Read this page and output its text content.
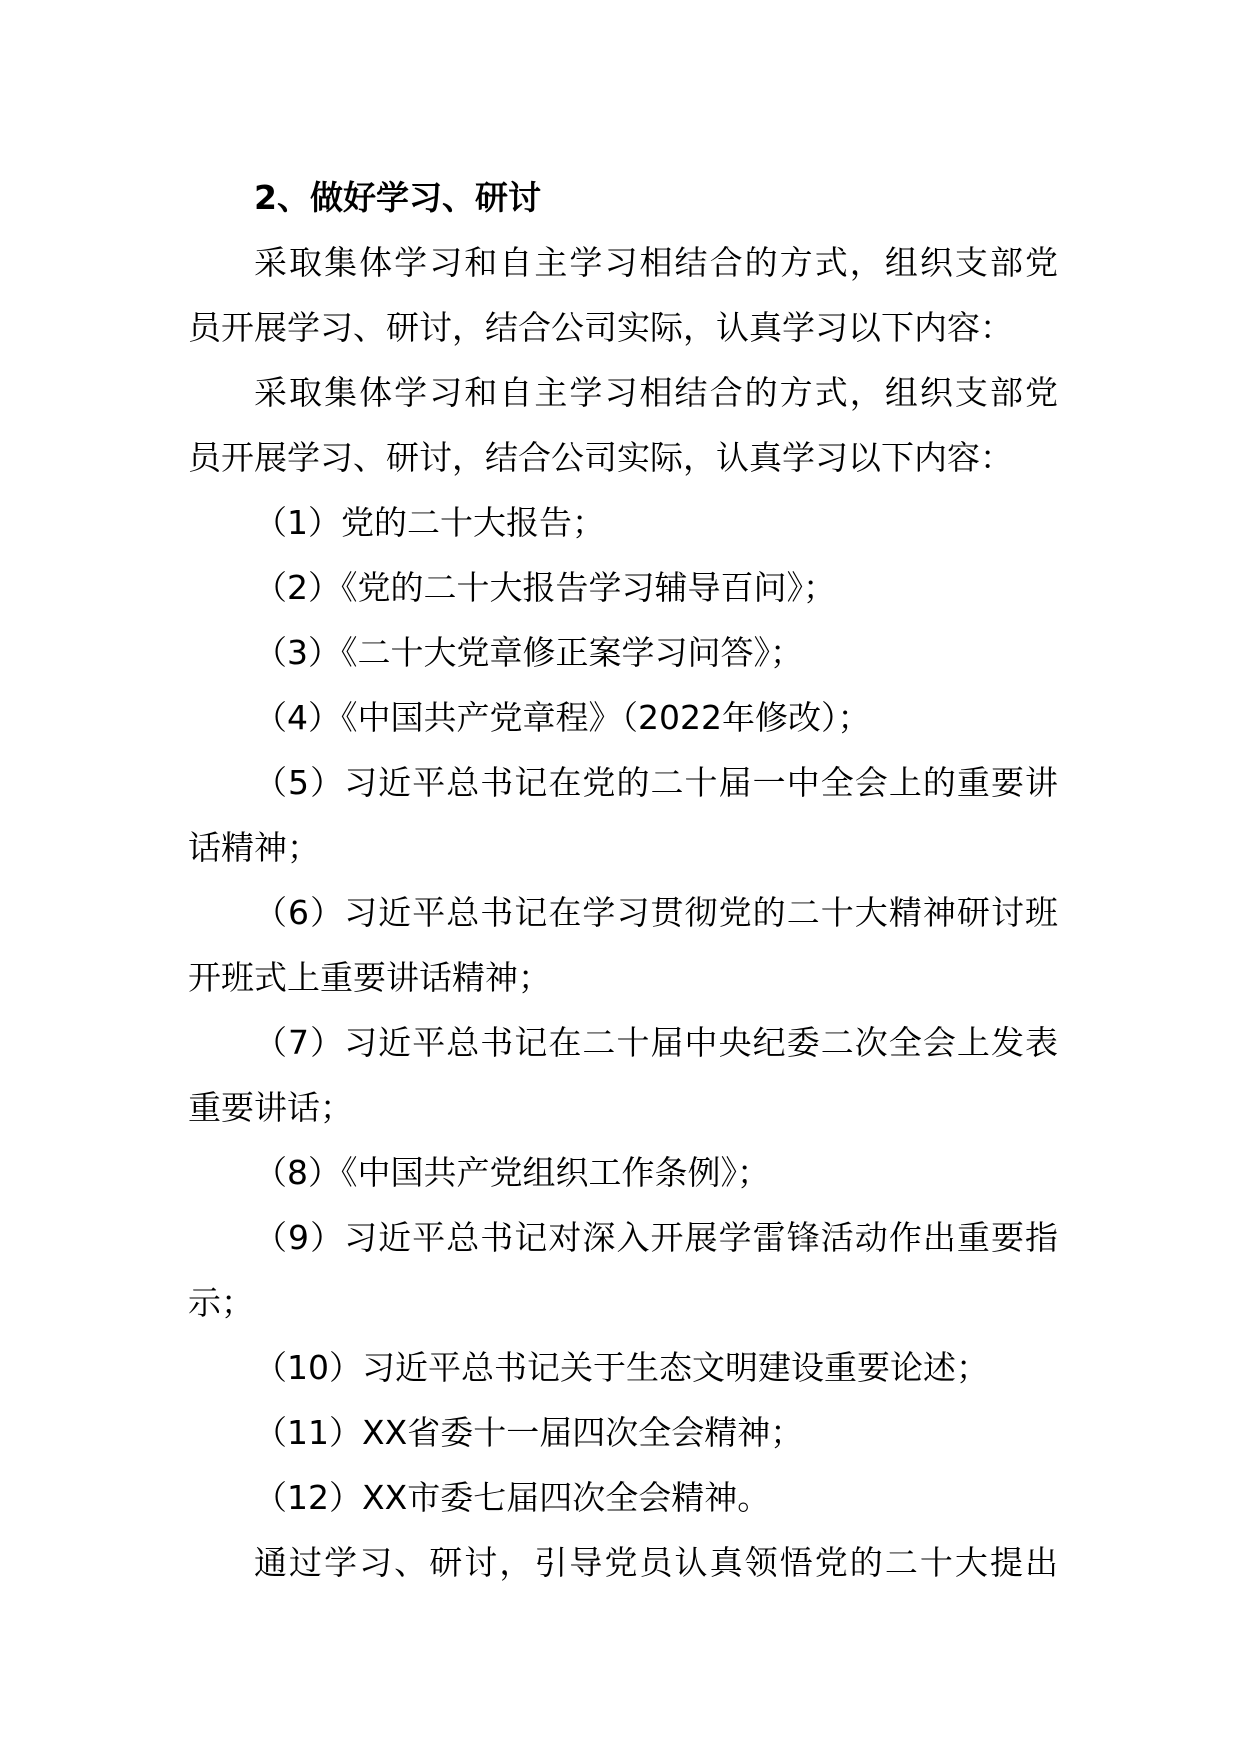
2、做好学习、研讨

采取集体学习和自主学习相结合的方式，组织支部党

员开展学习、研讨，结合公司实际，认真学习以下内容：

采取集体学习和自主学习相结合的方式，组织支部党

员开展学习、研讨，结合公司实际，认真学习以下内容：

（1）党的二十大报告；

（2）《党的二十大报告学习辅导百问》；

（3）《二十大党章修正案学习问答》；

（4）《中国共产党章程》（2022年修改）；

（5）习近平总书记在党的二十届一中全会上的重要讲

话精神；

（6）习近平总书记在学习贯彻党的二十大精神研讨班

开班式上重要讲话精神；

（7）习近平总书记在二十届中央纪委二次全会上发表

重要讲话；

（8）《中国共产党组织工作条例》；

（9）习近平总书记对深入开展学雷锋活动作出重要指

示；

（10）习近平总书记关于生态文明建设重要论述；

（11）XX省委十一届四次全会精神；

（12）XX市委七届四次全会精神。

通过学习、研讨，引导党员认真领悟党的二十大提出
